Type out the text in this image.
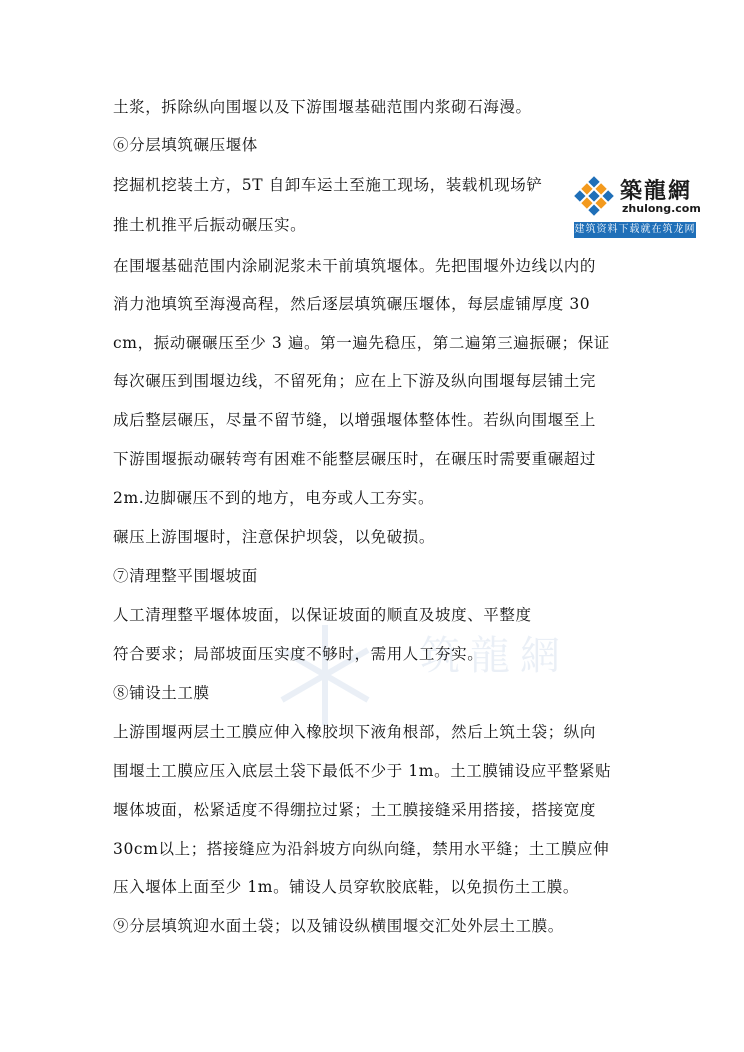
築龍網
zhulong.com
建筑资料下载就在筑龙网
筑龍網
土浆，拆除纵向围堰以及下游围堰基础范围内浆砌石海漫。
⑥分层填筑碾压堰体
挖掘机挖装土方，5T 自卸车运土至施工现场，装载机现场铲
推土机推平后振动碾压实。
在围堰基础范围内涂刷泥浆未干前填筑堰体。先把围堰外边线以内的
消力池填筑至海漫高程，然后逐层填筑碾压堰体，每层虚铺厚度 30
cm，振动碾碾压至少 3 遍。第一遍先稳压，第二遍第三遍振碾；保证
每次碾压到围堰边线，不留死角；应在上下游及纵向围堰每层铺土完
成后整层碾压，尽量不留节缝，以增强堰体整体性。若纵向围堰至上
下游围堰振动碾转弯有困难不能整层碾压时，在碾压时需要重碾超过
2m.边脚碾压不到的地方，电夯或人工夯实。
碾压上游围堰时，注意保护坝袋，以免破损。
⑦清理整平围堰坡面
人工清理整平堰体坡面，以保证坡面的顺直及坡度、平整度
符合要求；局部坡面压实度不够时，需用人工夯实。
⑧铺设土工膜
上游围堰两层土工膜应伸入橡胶坝下液角根部，然后上筑土袋；纵向
围堰土工膜应压入底层土袋下最低不少于 1m。土工膜铺设应平整紧贴
堰体坡面，松紧适度不得绷拉过紧；土工膜接缝采用搭接，搭接宽度
30cm以上；搭接缝应为沿斜坡方向纵向缝，禁用水平缝；土工膜应伸
压入堰体上面至少 1m。铺设人员穿软胶底鞋，以免损伤土工膜。
⑨分层填筑迎水面土袋；以及铺设纵横围堰交汇处外层土工膜。
